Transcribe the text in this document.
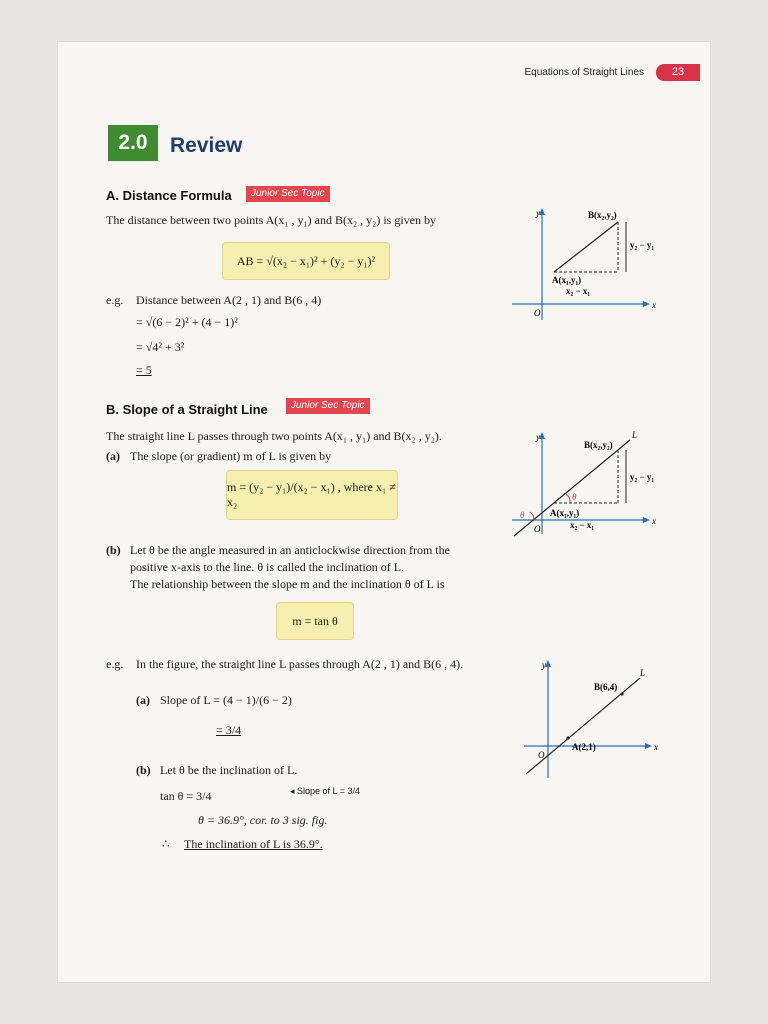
Equations of Straight Lines	23
2.0	Review
A. Distance Formula	Junior Sec Topic
The distance between two points A(x₁ , y₁) and B(x₂ , y₂) is given by
AB = √(x₂ − x₁)² + (y₂ − y₁)²
e.g. Distance between A(2 , 1) and B(6 , 4)
= √(6 − 2)² + (4 − 1)²
= √4² + 3²
= 5
y
x
O
B(x₂,y₂)
A(x₁,y₁)
x₂ − x₁
y₂ − y₁
B. Slope of a Straight Line	Junior Sec Topic
The straight line L passes through two points A(x₁ , y₁) and B(x₂ , y₂).
(a) The slope (or gradient) m of L is given by
m = (y₂ − y₁)/(x₂ − x₁) , where x₁ ≠ x₂
(b) Let θ be the angle measured in an anticlockwise direction from the
positive x-axis to the line. θ is called the inclination of L.
The relationship between the slope m and the inclination θ of L is
m = tan θ
y
x
O
L
B(x₂,y₂)
A(x₁,y₁)
x₂ − x₁
y₂ − y₁
θ
θ
e.g. In the figure, the straight line L passes through A(2 , 1) and B(6 , 4).
(a) Slope of L = (4 − 1)/(6 − 2)
= 3/4
(b) Let θ be the inclination of L.
tan θ = 3/4	◂ Slope of L = 3/4
θ = 36.9°, cor. to 3 sig. fig.
∴ The inclination of L is 36.9°.
y
x
O
L
B(6,4)
A(2,1)
